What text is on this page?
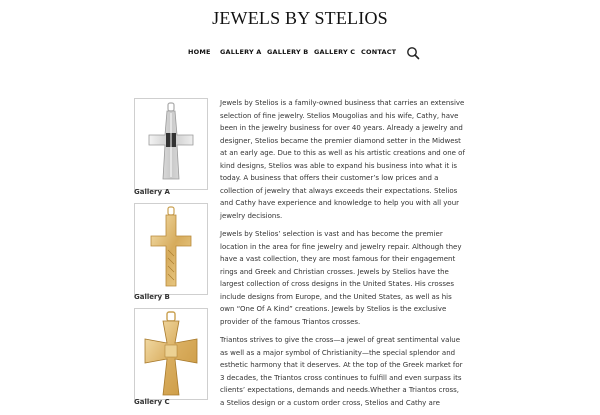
JEWELS BY STELIOS
HOME GALLERY A GALLERY B GALLERY C CONTACT
Gallery A
Gallery B
Gallery C

Jewels by Stelios is a family-owned business that carries an extensive selection of fine jewelry. Stelios Mougolias and his wife, Cathy, have been in the jewelry business for over 40 years. Already a jewelry and designer, Stelios became the premier diamond setter in the Midwest at an early age. Due to this as well as his artistic creations and one of kind designs, Stelios was able to expand his business into what it is today. A business that offers their customer’s low prices and a collection of jewelry that always exceeds their expectations. Stelios and Cathy have experience and knowledge to help you with all your jewelry decisions.

Jewels by Stelios’ selection is vast and has become the premier location in the area for fine jewelry and jewelry repair. Although they have a vast collection, they are most famous for their engagement rings and Greek and Christian crosses. Jewels by Stelios have the largest collection of cross designs in the United States. His crosses include designs from Europe, and the United States, as well as his own “One Of A Kind” creations. Jewels by Stelios is the exclusive provider of the famous Triantos crosses.

Triantos strives to give the cross—a jewel of great sentimental value as well as a major symbol of Christianity—the special splendor and esthetic harmony that it deserves. At the top of the Greek market for 3 decades, the Triantos cross continues to fulfill and even surpass its clients’ expectations, demands and needs.Whether a Triantos cross, a Stelios design or a custom order cross, Stelios and Cathy are
